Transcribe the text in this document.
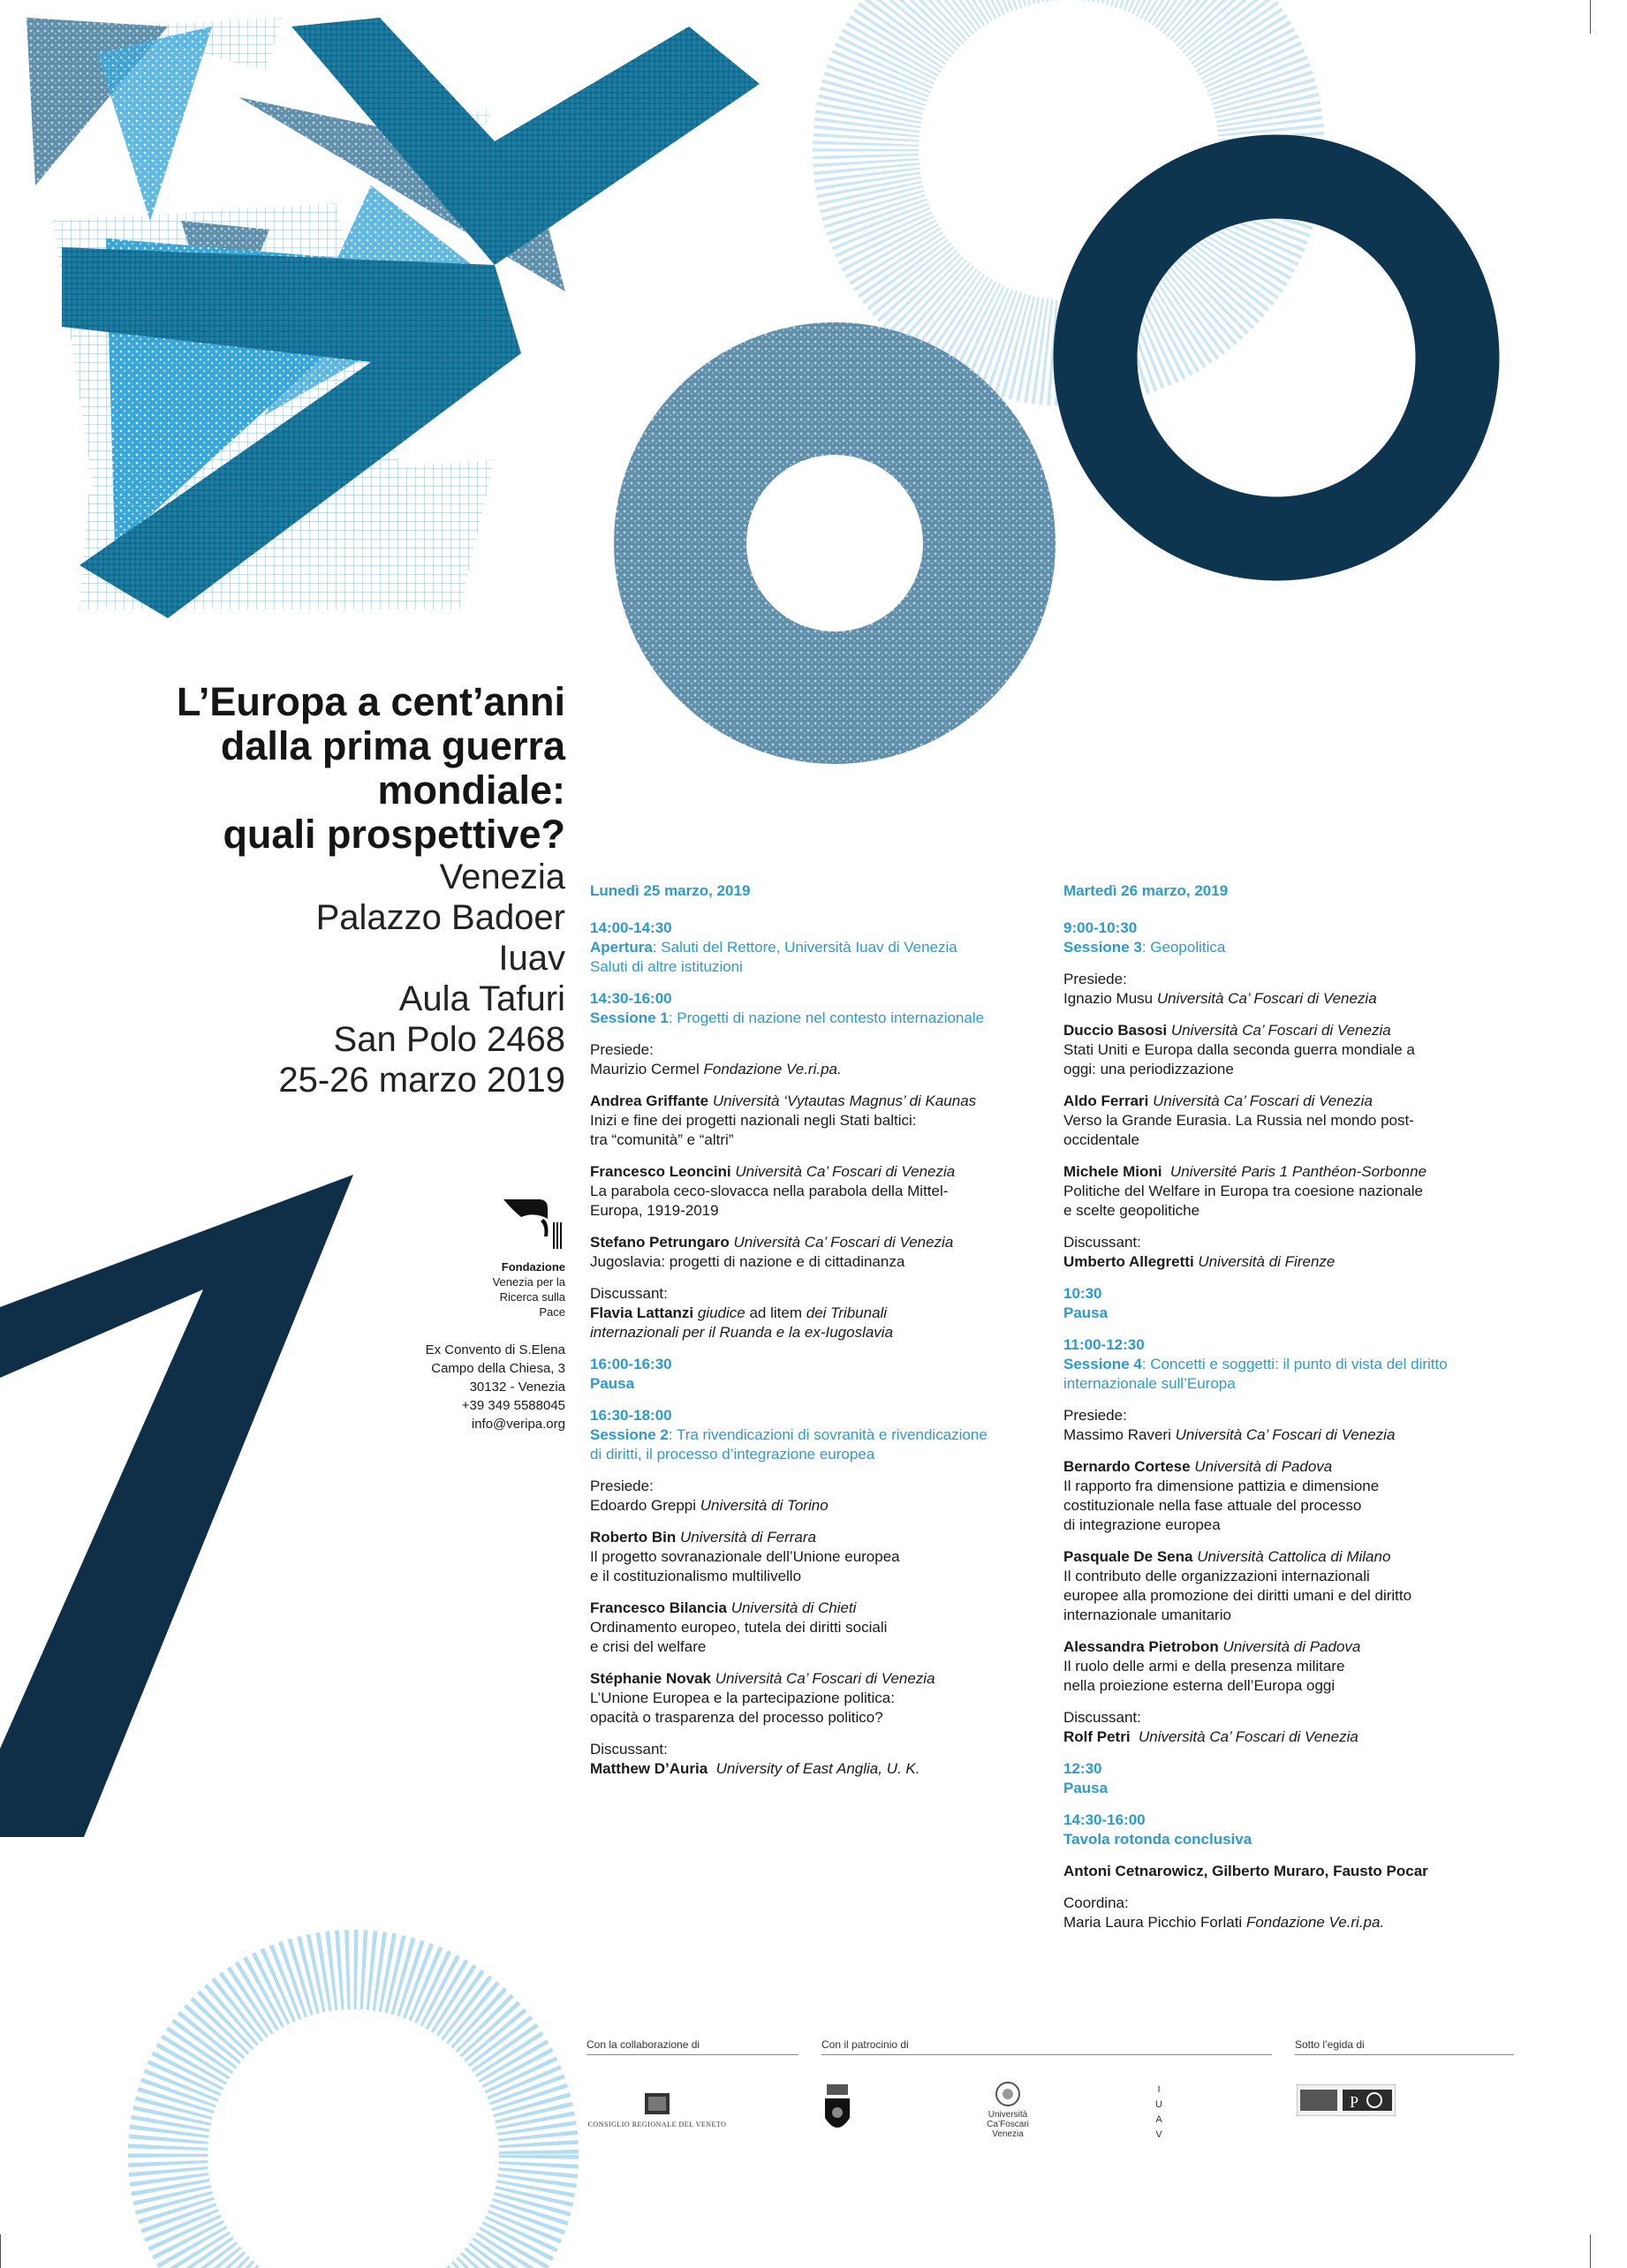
L’Europa a cent’anni

dalla prima guerra

mondiale:

quali prospettive?

Venezia
Palazzo Badoer
Iuav
Aula Tafuri
San Polo 2468
25-26 marzo 2019
Fondazione
Venezia per la
Ricerca sulla
Pace
Ex Convento di S.Elena
Campo della Chiesa, 3
30132 - Venezia
+39 349 5588045
info@veripa.org
Lunedì 25 marzo, 2019
14:00-14:30
Apertura: Saluti del Rettore, Università Iuav di Venezia
Saluti di altre istituzioni
14:30-16:00
Sessione 1: Progetti di nazione nel contesto internazionale
Presiede:
Maurizio Cermel Fondazione Ve.ri.pa.
Andrea Griffante Università ‘Vytautas Magnus’ di Kaunas
Inizi e fine dei progetti nazionali negli Stati baltici:
tra “comunità” e “altri”
Francesco Leoncini Università Ca’ Foscari di Venezia
La parabola ceco-slovacca nella parabola della Mittel-
Europa, 1919-2019
Stefano Petrungaro Università Ca’ Foscari di Venezia
Jugoslavia: progetti di nazione e di cittadinanza
Discussant:
Flavia Lattanzi giudice ad litem dei Tribunali
internazionali per il Ruanda e la ex-Iugoslavia
16:00-16:30
Pausa
16:30-18:00
Sessione 2: Tra rivendicazioni di sovranità e rivendicazione
di diritti, il processo d’integrazione europea
Presiede:
Edoardo Greppi Università di Torino
Roberto Bin Università di Ferrara
Il progetto sovranazionale dell’Unione europea
e il costituzionalismo multilivello
Francesco Bilancia Università di Chieti
Ordinamento europeo, tutela dei diritti sociali
e crisi del welfare
Stéphanie Novak Università Ca’ Foscari di Venezia
L’Unione Europea e la partecipazione politica:
opacità o trasparenza del processo politico?
Discussant:
Matthew D’Auria University of East Anglia, U. K.
Martedì 26 marzo, 2019
9:00-10:30
Sessione 3: Geopolitica
Presiede:
Ignazio Musu Università Ca’ Foscari di Venezia
Duccio Basosi Università Ca’ Foscari di Venezia
Stati Uniti e Europa dalla seconda guerra mondiale a
oggi: una periodizzazione
Aldo Ferrari Università Ca’ Foscari di Venezia
Verso la Grande Eurasia. La Russia nel mondo post-
occidentale
Michele Mioni Université Paris 1 Panthéon-Sorbonne
Politiche del Welfare in Europa tra coesione nazionale
e scelte geopolitiche
Discussant:
Umberto Allegretti Università di Firenze
10:30
Pausa
11:00-12:30
Sessione 4: Concetti e soggetti: il punto di vista del diritto
internazionale sull’Europa
Presiede:
Massimo Raveri Università Ca’ Foscari di Venezia
Bernardo Cortese Università di Padova
Il rapporto fra dimensione pattizia e dimensione
costituzionale nella fase attuale del processo
di integrazione europea
Pasquale De Sena Università Cattolica di Milano
Il contributo delle organizzazioni internazionali
europee alla promozione dei diritti umani e del diritto
internazionale umanitario
Alessandra Pietrobon Università di Padova
Il ruolo delle armi e della presenza militare
nella proiezione esterna dell’Europa oggi
Discussant:
Rolf Petri Università Ca’ Foscari di Venezia
12:30
Pausa
14:30-16:00
Tavola rotonda conclusiva
Antoni Cetnarowicz, Gilberto Muraro, Fausto Pocar
Coordina:
Maria Laura Picchio Forlati Fondazione Ve.ri.pa.
Con la collaborazione di
CONSIGLIO REGIONALE DEL VENETO
Con il patrocinio di
Università
Ca’Foscari
Venezia
I
U
A
V
Sotto l’egida di
P
